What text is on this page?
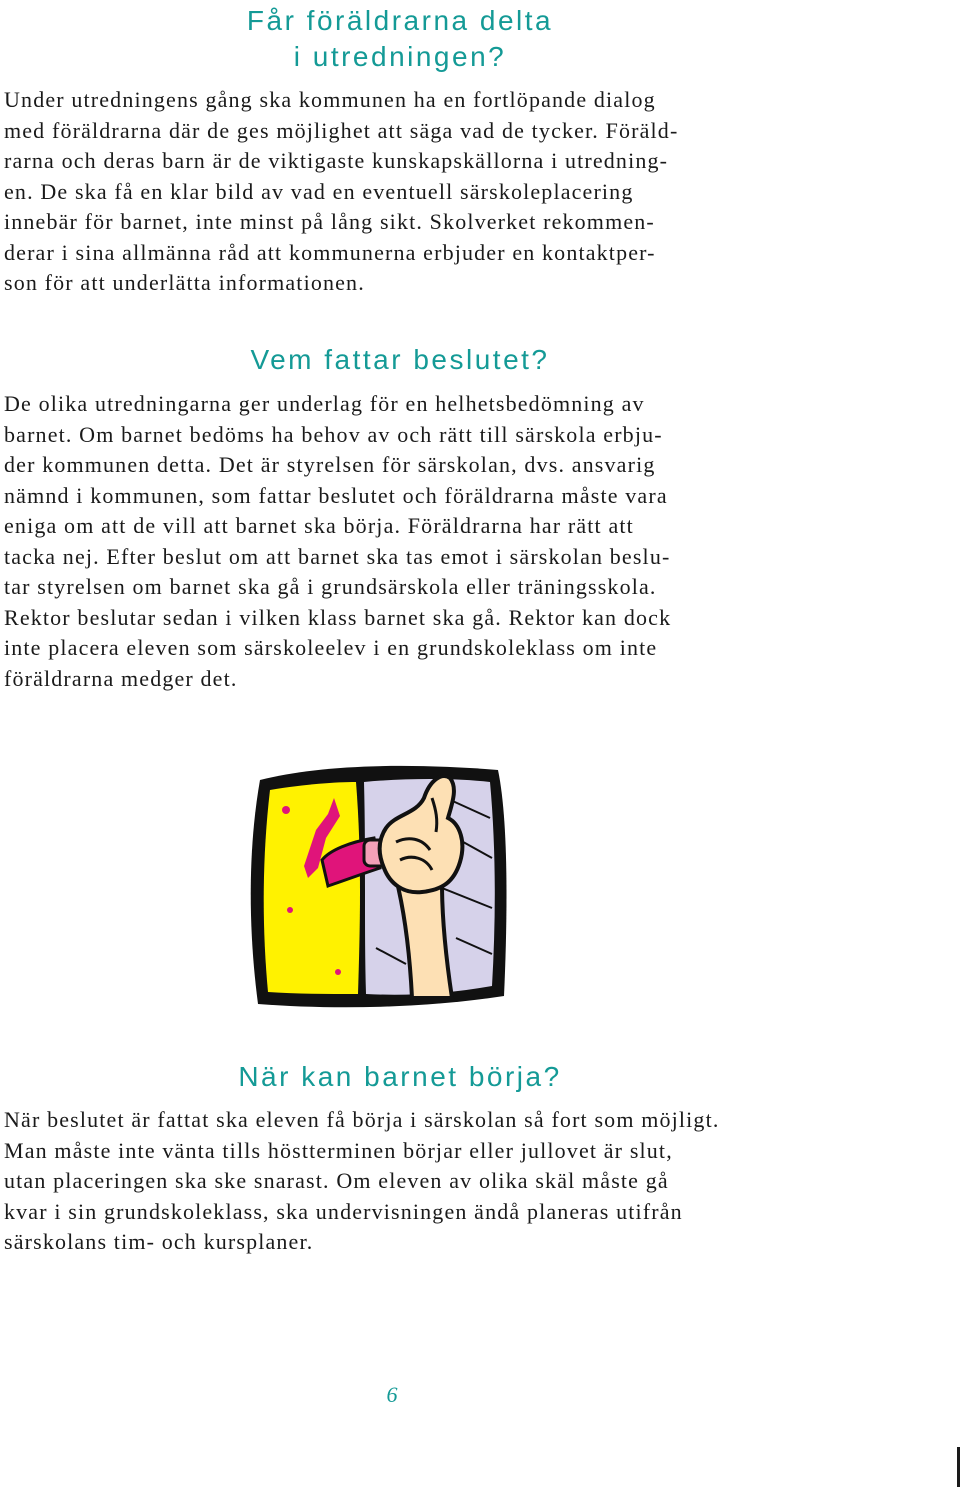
Får föräldrarna delta
i utredningen?

Under utredningens gång ska kommunen ha en fortlöpande dialog
med föräldrarna där de ges möjlighet att säga vad de tycker. Föräld-
rarna och deras barn är de viktigaste kunskapskällorna i utredning-
en. De ska få en klar bild av vad en eventuell särskoleplacering
innebär för barnet, inte minst på lång sikt. Skolverket rekommen-
derar i sina allmänna råd att kommunerna erbjuder en kontaktper-
son för att underlätta informationen.

Vem fattar beslutet?

De olika utredningarna ger underlag för en helhetsbedömning av
barnet. Om barnet bedöms ha behov av och rätt till särskola erbju-
der kommunen detta. Det är styrelsen för särskolan, dvs. ansvarig
nämnd i kommunen, som fattar beslutet och föräldrarna måste vara
eniga om att de vill att barnet ska börja. Föräldrarna har rätt att
tacka nej. Efter beslut om att barnet ska tas emot i särskolan beslu-
tar styrelsen om barnet ska gå i grundsärskola eller träningsskola.
Rektor beslutar sedan i vilken klass barnet ska gå. Rektor kan dock
inte placera eleven som särskoleelev i en grundskoleklass om inte
föräldrarna medger det.

När kan barnet börja?

När beslutet är fattat ska eleven få börja i särskolan så fort som möjligt.
Man måste inte vänta tills höstterminen börjar eller jullovet är slut,
utan placeringen ska ske snarast. Om eleven av olika skäl måste gå
kvar i sin grundskoleklass, ska undervisningen ändå planeras utifrån
särskolans tim- och kursplaner.

6
